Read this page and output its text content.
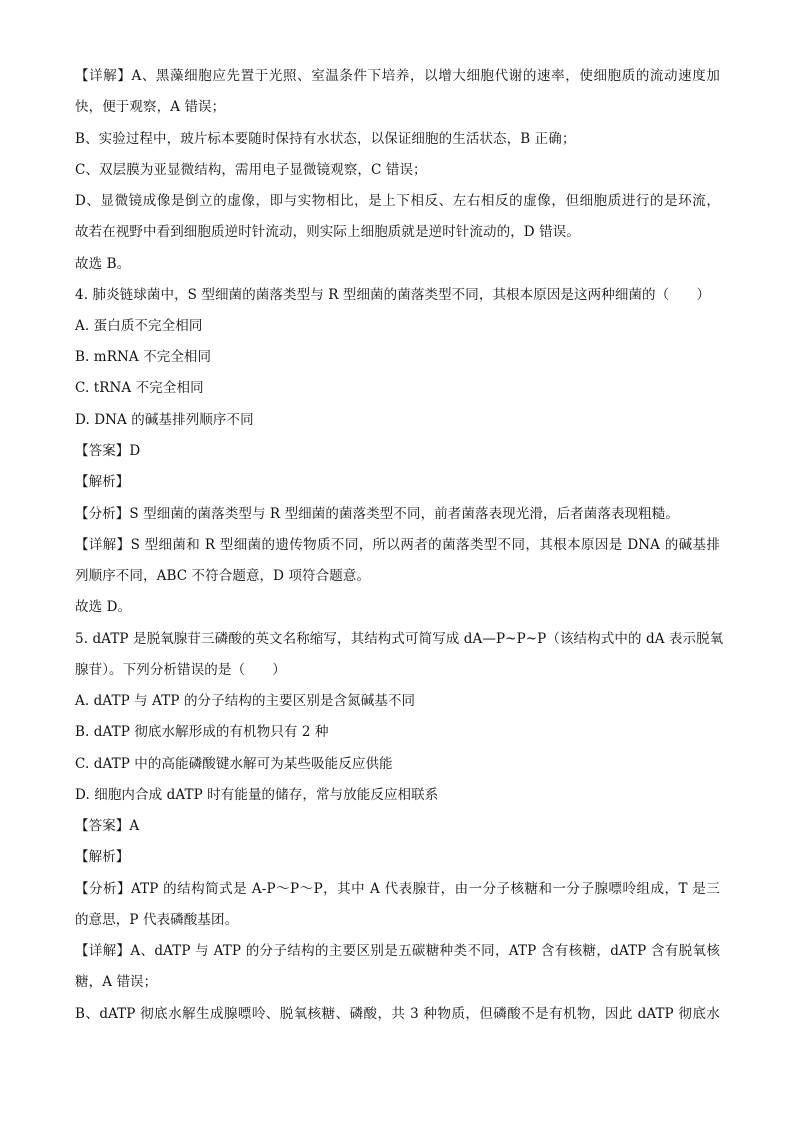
【详解】A、黑藻细胞应先置于光照、室温条件下培养，以增大细胞代谢的速率，使细胞质的流动速度加
快，便于观察，A 错误；
B、实验过程中，玻片标本要随时保持有水状态，以保证细胞的生活状态，B 正确；
C、双层膜为亚显微结构，需用电子显微镜观察，C 错误；
D、显微镜成像是倒立的虚像，即与实物相比，是上下相反、左右相反的虚像，但细胞质进行的是环流，
故若在视野中看到细胞质逆时针流动，则实际上细胞质就是逆时针流动的，D 错误。
故选 B。
4. 肺炎链球菌中，S 型细菌的菌落类型与 R 型细菌的菌落类型不同，其根本原因是这两种细菌的（　　）
A. 蛋白质不完全相同
B. mRNA 不完全相同
C. tRNA 不完全相同
D. DNA 的碱基排列顺序不同
【答案】D
【解析】
【分析】S 型细菌的菌落类型与 R 型细菌的菌落类型不同，前者菌落表现光滑，后者菌落表现粗糙。
【详解】S 型细菌和 R 型细菌的遗传物质不同，所以两者的菌落类型不同，其根本原因是 DNA 的碱基排
列顺序不同，ABC 不符合题意，D 项符合题意。
故选 D。
5. dATP 是脱氧腺苷三磷酸的英文名称缩写，其结构式可简写成 dA—P~P~P（该结构式中的 dA 表示脱氧
腺苷）。下列分析错误的是（　　）
A. dATP 与 ATP 的分子结构的主要区别是含氮碱基不同
B. dATP 彻底水解形成的有机物只有 2 种
C. dATP 中的高能磷酸键水解可为某些吸能反应供能
D. 细胞内合成 dATP 时有能量的储存，常与放能反应相联系
【答案】A
【解析】
【分析】ATP 的结构简式是 A-P～P～P，其中 A 代表腺苷，由一分子核糖和一分子腺嘌呤组成，T 是三
的意思，P 代表磷酸基团。
【详解】A、dATP 与 ATP 的分子结构的主要区别是五碳糖种类不同，ATP 含有核糖，dATP 含有脱氧核
糖，A 错误；
B、dATP 彻底水解生成腺嘌呤、脱氧核糖、磷酸，共 3 种物质，但磷酸不是有机物，因此 dATP 彻底水
